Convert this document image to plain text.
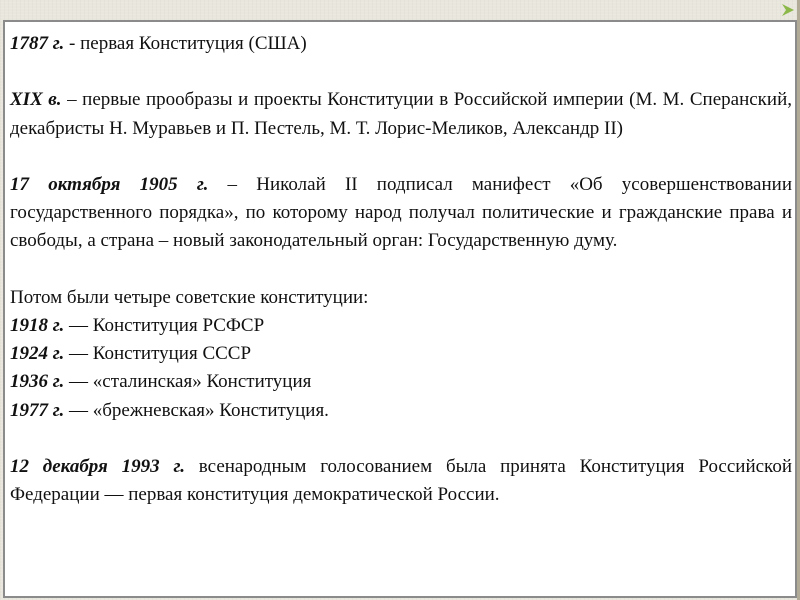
1787 г. - первая Конституция (США)

XIX в. – первые прообразы и проекты Конституции в Российской империи (М. М. Сперанский, декабристы Н. Муравьев и П. Пестель, М. Т. Лорис-Меликов, Александр II)

17 октября 1905 г. – Николай II подписал манифест «Об усовершенствовании государственного порядка», по которому народ получал политические и гражданские права и свободы, а страна – новый законодательный орган: Государственную думу.

Потом были четыре советские конституции:

1918 г. — Конституция РСФСР
1924 г. — Конституция СССР
1936 г. — «сталинская» Конституция
1977 г. — «брежневская» Конституция.

12 декабря 1993 г. всенародным голосованием была принята Конституция Российской Федерации — первая конституция демократической России.
